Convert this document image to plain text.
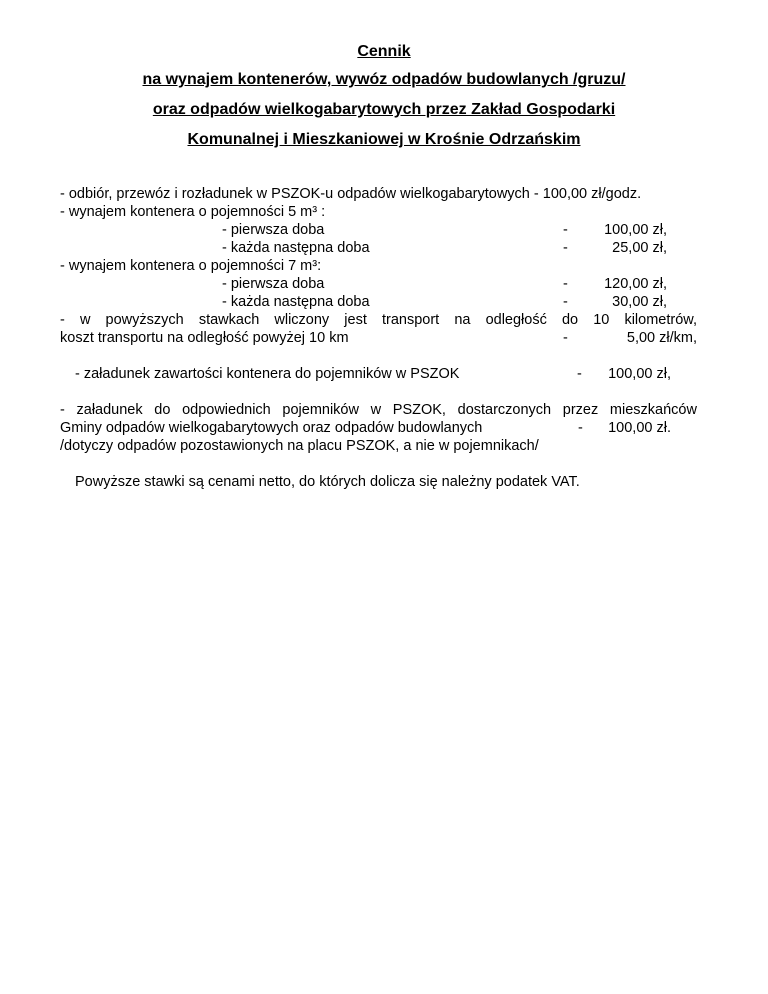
Cennik
na wynajem kontenerów, wywóz odpadów budowlanych /gruzu/
oraz odpadów wielkogabarytowych przez Zakład Gospodarki
Komunalnej i Mieszkaniowej w Krośnie Odrzańskim
- odbiór, przewóz i rozładunek w PSZOK-u odpadów wielkogabarytowych - 100,00 zł/godz.
- wynajem kontenera o pojemności 5 m³ :
- pierwsza doba	-	100,00 zł,
- każda następna doba	-	25,00 zł,
- wynajem kontenera o pojemności 7 m³:
- pierwsza doba	-	120,00 zł,
- każda następna doba	-	30,00 zł,
- w powyższych stawkach wliczony jest transport na odległość do 10 kilometrów,
koszt transportu na odległość powyżej 10 km	-	5,00 zł/km,
- załadunek zawartości kontenera do pojemników w PSZOK	- 100,00 zł,
- załadunek do odpowiednich pojemników w PSZOK, dostarczonych przez mieszkańców
Gminy odpadów wielkogabarytowych oraz odpadów budowlanych	- 100,00 zł.
/dotyczy odpadów pozostawionych na placu PSZOK, a nie w pojemnikach/
Powyższe stawki są cenami netto, do których dolicza się należny podatek VAT.
